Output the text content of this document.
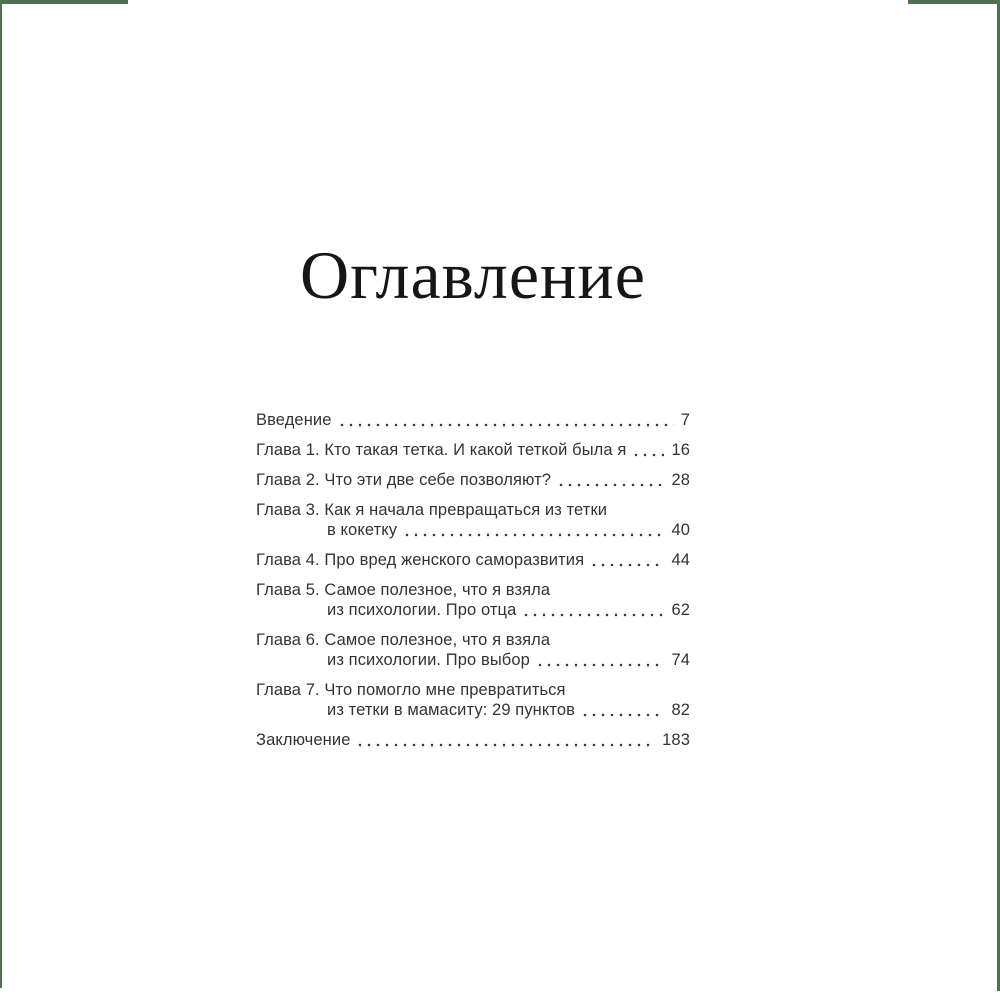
Оглавление
Введение	7
Глава 1. Кто такая тетка. И какой теткой была я	16
Глава 2. Что эти две себе позволяют?	28
Глава 3. Как я начала превращаться из тетки
в кокетку	40
Глава 4. Про вред женского саморазвития	44
Глава 5. Самое полезное, что я взяла
из психологии. Про отца	62
Глава 6. Самое полезное, что я взяла
из психологии. Про выбор	74
Глава 7. Что помогло мне превратиться
из тетки в мамаситу: 29 пунктов	82
Заключение	183
